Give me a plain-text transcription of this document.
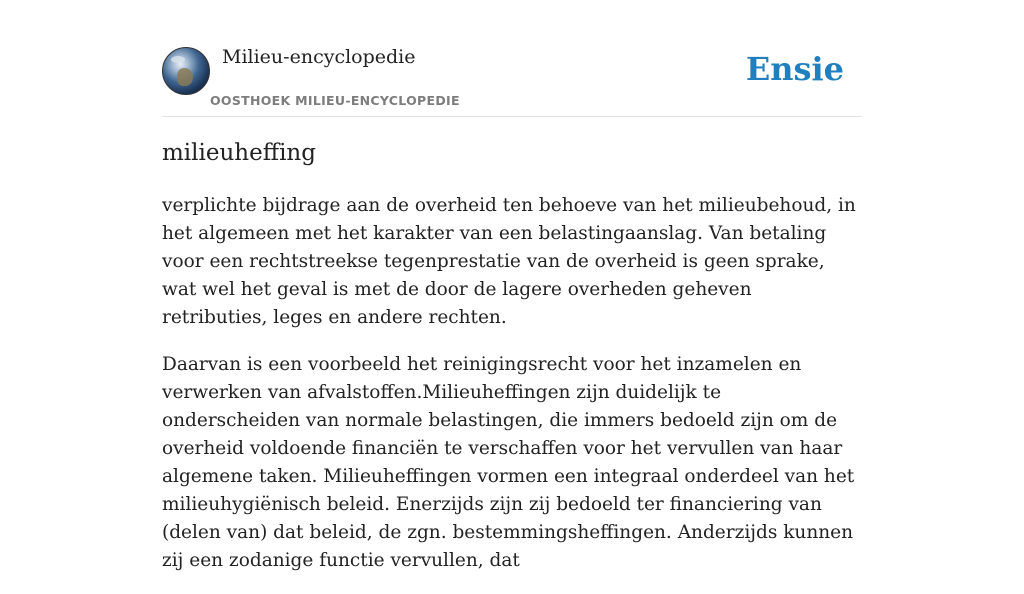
Milieu-encyclopedie
OOSTHOEK MILIEU-ENCYCLOPEDIE
Ensie
milieuheffing

verplichte bijdrage aan de overheid ten behoeve van het milieubehoud, in het algemeen met het karakter van een belastingaanslag. Van betaling voor een rechtstreekse tegenprestatie van de overheid is geen sprake, wat wel het geval is met de door de lagere overheden geheven retributies, leges en andere rechten.

Daarvan is een voorbeeld het reinigingsrecht voor het inzamelen en verwerken van afvalstoffen.Milieuheffingen zijn duidelijk te onderscheiden van normale belastingen, die immers bedoeld zijn om de overheid voldoende financiën te verschaffen voor het vervullen van haar algemene taken. Milieuheffingen vormen een integraal onderdeel van het milieuhygiënisch beleid. Enerzijds zijn zij bedoeld ter financiering van (delen van) dat beleid, de zgn. bestemmingsheffingen. Anderzijds kunnen zij een zodanige functie vervullen, dat
